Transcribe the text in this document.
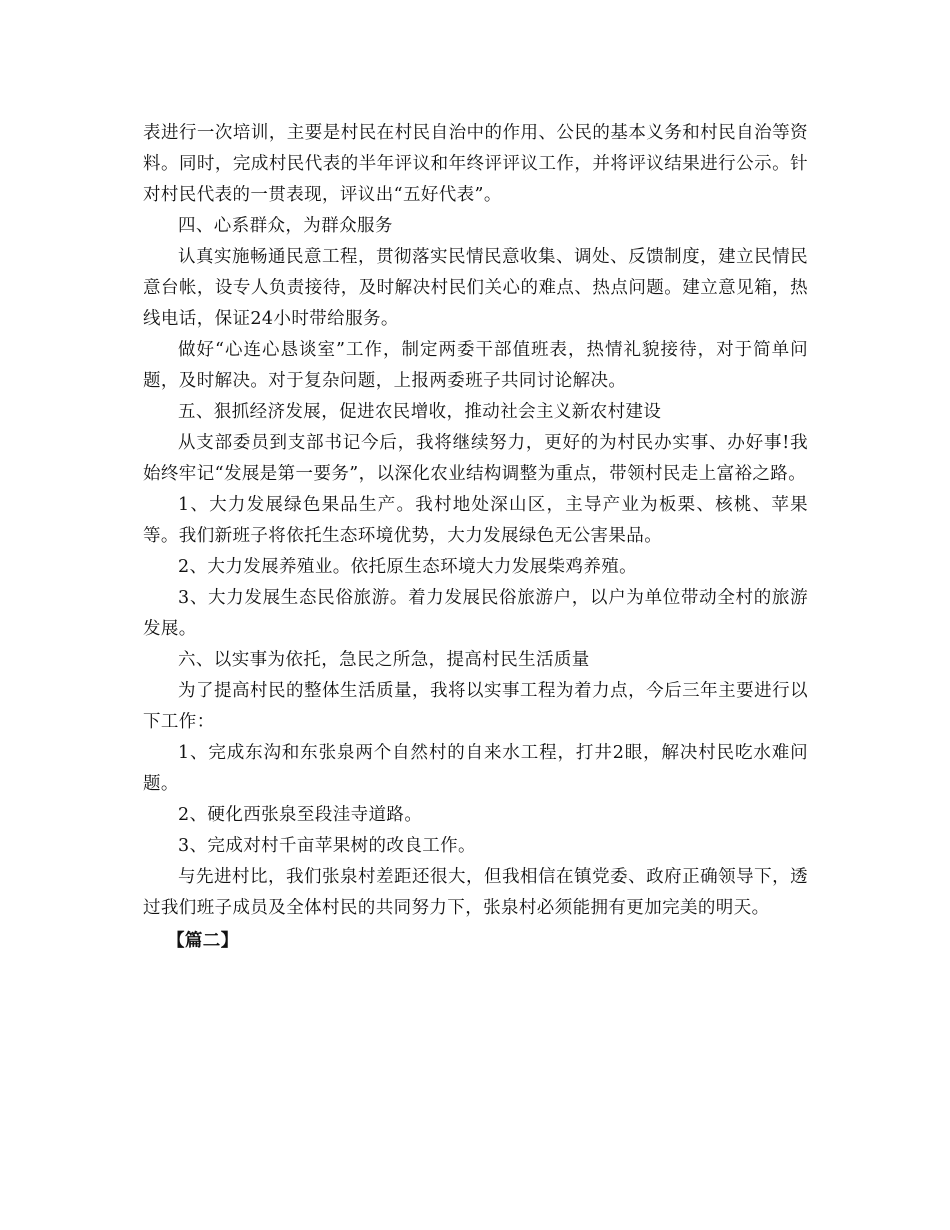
表进行一次培训，主要是村民在村民自治中的作用、公民的基本义务和村民自治等资料。同时，完成村民代表的半年评议和年终评评议工作，并将评议结果进行公示。针对村民代表的一贯表现，评议出“五好代表”。

四、心系群众，为群众服务

认真实施畅通民意工程，贯彻落实民情民意收集、调处、反馈制度，建立民情民意台帐，设专人负责接待，及时解决村民们关心的难点、热点问题。建立意见箱，热线电话，保证24小时带给服务。

做好“心连心恳谈室”工作，制定两委干部值班表，热情礼貌接待，对于简单问题，及时解决。对于复杂问题，上报两委班子共同讨论解决。

五、狠抓经济发展，促进农民增收，推动社会主义新农村建设

从支部委员到支部书记今后，我将继续努力，更好的为村民办实事、办好事!我始终牢记“发展是第一要务”，以深化农业结构调整为重点，带领村民走上富裕之路。

1、大力发展绿色果品生产。我村地处深山区，主导产业为板栗、核桃、苹果等。我们新班子将依托生态环境优势，大力发展绿色无公害果品。

2、大力发展养殖业。依托原生态环境大力发展柴鸡养殖。

3、大力发展生态民俗旅游。着力发展民俗旅游户，以户为单位带动全村的旅游发展。

六、以实事为依托，急民之所急，提高村民生活质量

为了提高村民的整体生活质量，我将以实事工程为着力点，今后三年主要进行以下工作：

1、完成东沟和东张泉两个自然村的自来水工程，打井2眼，解决村民吃水难问题。

2、硬化西张泉至段洼寺道路。

3、完成对村千亩苹果树的改良工作。

与先进村比，我们张泉村差距还很大，但我相信在镇党委、政府正确领导下，透过我们班子成员及全体村民的共同努力下，张泉村必须能拥有更加完美的明天。

【篇二】
